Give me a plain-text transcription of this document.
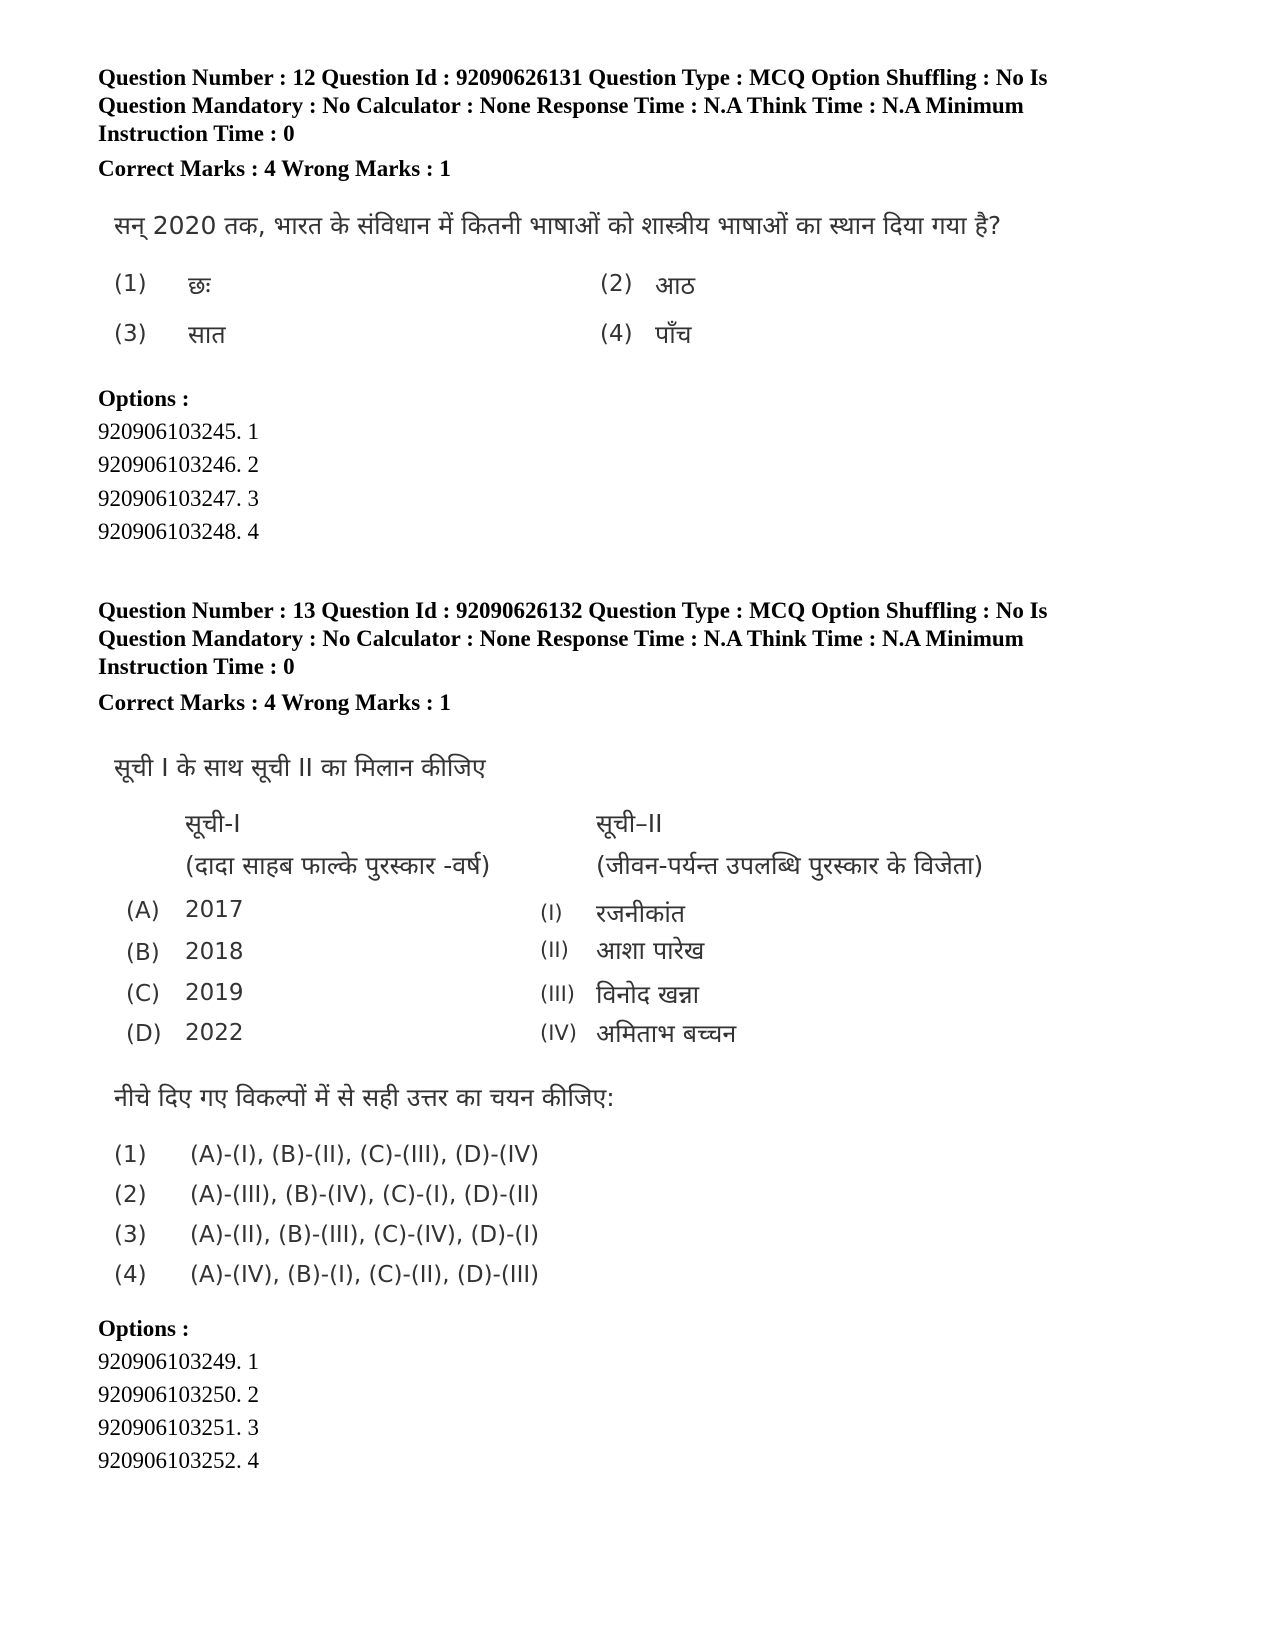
Question Number : 12 Question Id : 92090626131 Question Type : MCQ Option Shuffling : No Is
Question Mandatory : No Calculator : None Response Time : N.A Think Time : N.A Minimum
Instruction Time : 0
Correct Marks : 4 Wrong Marks : 1
सन् 2020 तक, भारत के संविधान में कितनी भाषाओं को शास्त्रीय भाषाओं का स्थान दिया गया है?
(1) छः	(2) आठ
(3) सात	(4) पाँच
Options :
920906103245. 1
920906103246. 2
920906103247. 3
920906103248. 4
Question Number : 13 Question Id : 92090626132 Question Type : MCQ Option Shuffling : No Is
Question Mandatory : No Calculator : None Response Time : N.A Think Time : N.A Minimum
Instruction Time : 0
Correct Marks : 4 Wrong Marks : 1
सूची I के साथ सूची II का मिलान कीजिए
सूची-I
(दादा साहब फाल्के पुरस्कार -वर्ष)
सूची–II
(जीवन-पर्यन्त उपलब्धि पुरस्कार के विजेता)
(A) 2017
(B) 2018
(C) 2019
(D) 2022
(I) रजनीकांत
(II) आशा पारेख
(III) विनोद खन्ना
(IV) अमिताभ बच्चन
नीचे दिए गए विकल्पों में से सही उत्तर का चयन कीजिए:
(1) (A)-(I), (B)-(II), (C)-(III), (D)-(IV)
(2) (A)-(III), (B)-(IV), (C)-(I), (D)-(II)
(3) (A)-(II), (B)-(III), (C)-(IV), (D)-(I)
(4) (A)-(IV), (B)-(I), (C)-(II), (D)-(III)
Options :
920906103249. 1
920906103250. 2
920906103251. 3
920906103252. 4
